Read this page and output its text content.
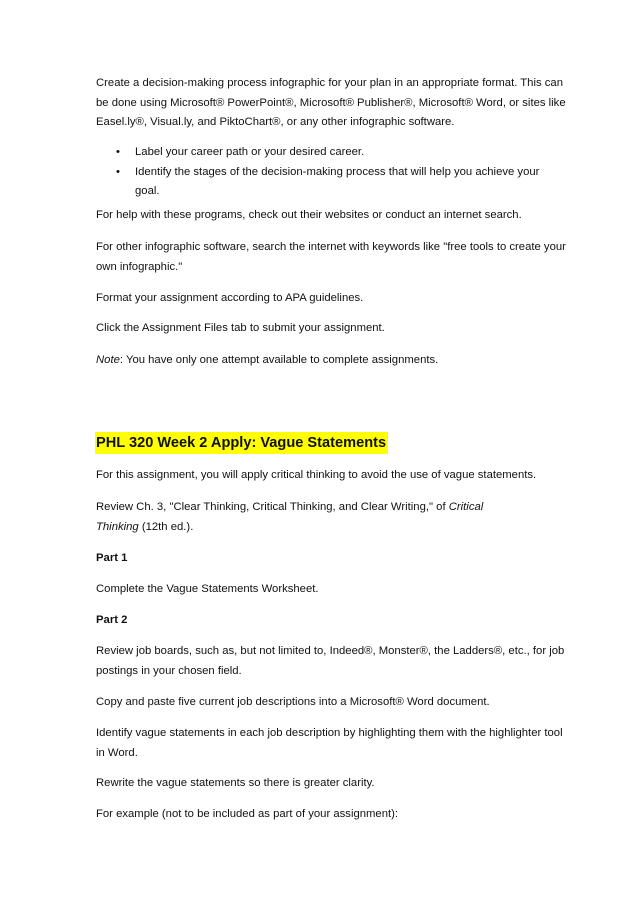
Create a decision-making process infographic for your plan in an appropriate format. This can be done using Microsoft® PowerPoint®, Microsoft® Publisher®, Microsoft® Word, or sites like Easel.ly®, Visual.ly, and PiktoChart®, or any other infographic software.

• Label your career path or your desired career.
• Identify the stages of the decision-making process that will help you achieve your goal.

For help with these programs, check out their websites or conduct an internet search.

For other infographic software, search the internet with keywords like "free tools to create your own infographic."

Format your assignment according to APA guidelines.

Click the Assignment Files tab to submit your assignment.

Note: You have only one attempt available to complete assignments.

PHL 320 Week 2 Apply: Vague Statements

For this assignment, you will apply critical thinking to avoid the use of vague statements.

Review Ch. 3, "Clear Thinking, Critical Thinking, and Clear Writing," of Critical Thinking (12th ed.).

Part 1

Complete the Vague Statements Worksheet.

Part 2

Review job boards, such as, but not limited to, Indeed®, Monster®, the Ladders®, etc., for job postings in your chosen field.

Copy and paste five current job descriptions into a Microsoft® Word document.

Identify vague statements in each job description by highlighting them with the highlighter tool in Word.

Rewrite the vague statements so there is greater clarity.

For example (not to be included as part of your assignment):
